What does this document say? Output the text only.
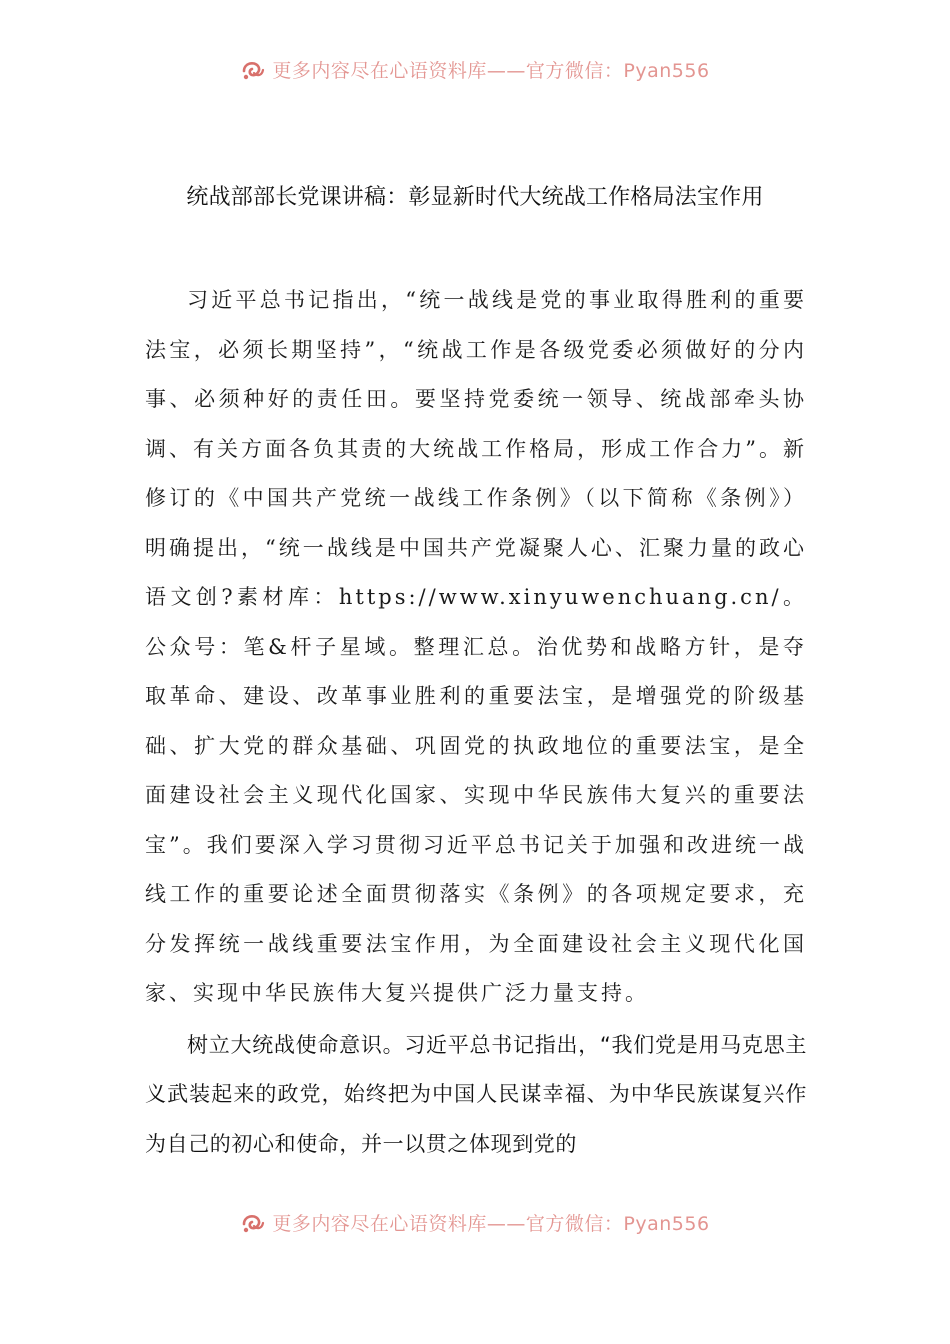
更多内容尽在心语资料库——官方微信：Pyan556
统战部部长党课讲稿：彰显新时代大统战工作格局法宝作用

习近平总书记指出，“统一战线是党的事业取得胜利的重要法宝，必须长期坚持”，“统战工作是各级党委必须做好的分内事、必须种好的责任田。要坚持党委统一领导、统战部牵头协调、有关方面各负其责的大统战工作格局，形成工作合力”。新修订的《中国共产党统一战线工作条例》（以下简称《条例》）明确提出，“统一战线是中国共产党凝聚人心、汇聚力量的政心语文创?素材库：https://www.xinyuwenchuang.cn/。公众号：笔&杆子星域。整理汇总。治优势和战略方针，是夺取革命、建设、改革事业胜利的重要法宝，是增强党的阶级基础、扩大党的群众基础、巩固党的执政地位的重要法宝，是全面建设社会主义现代化国家、实现中华民族伟大复兴的重要法宝”。我们要深入学习贯彻习近平总书记关于加强和改进统一战线工作的重要论述全面贯彻落实《条例》的各项规定要求，充分发挥统一战线重要法宝作用，为全面建设社会主义现代化国家、实现中华民族伟大复兴提供广泛力量支持。

树立大统战使命意识。习近平总书记指出，“我们党是用马克思主义武装起来的政党，始终把为中国人民谋幸福、为中华民族谋复兴作为自己的初心和使命，并一以贯之体现到党的

更多内容尽在心语资料库——官方微信：Pyan556
